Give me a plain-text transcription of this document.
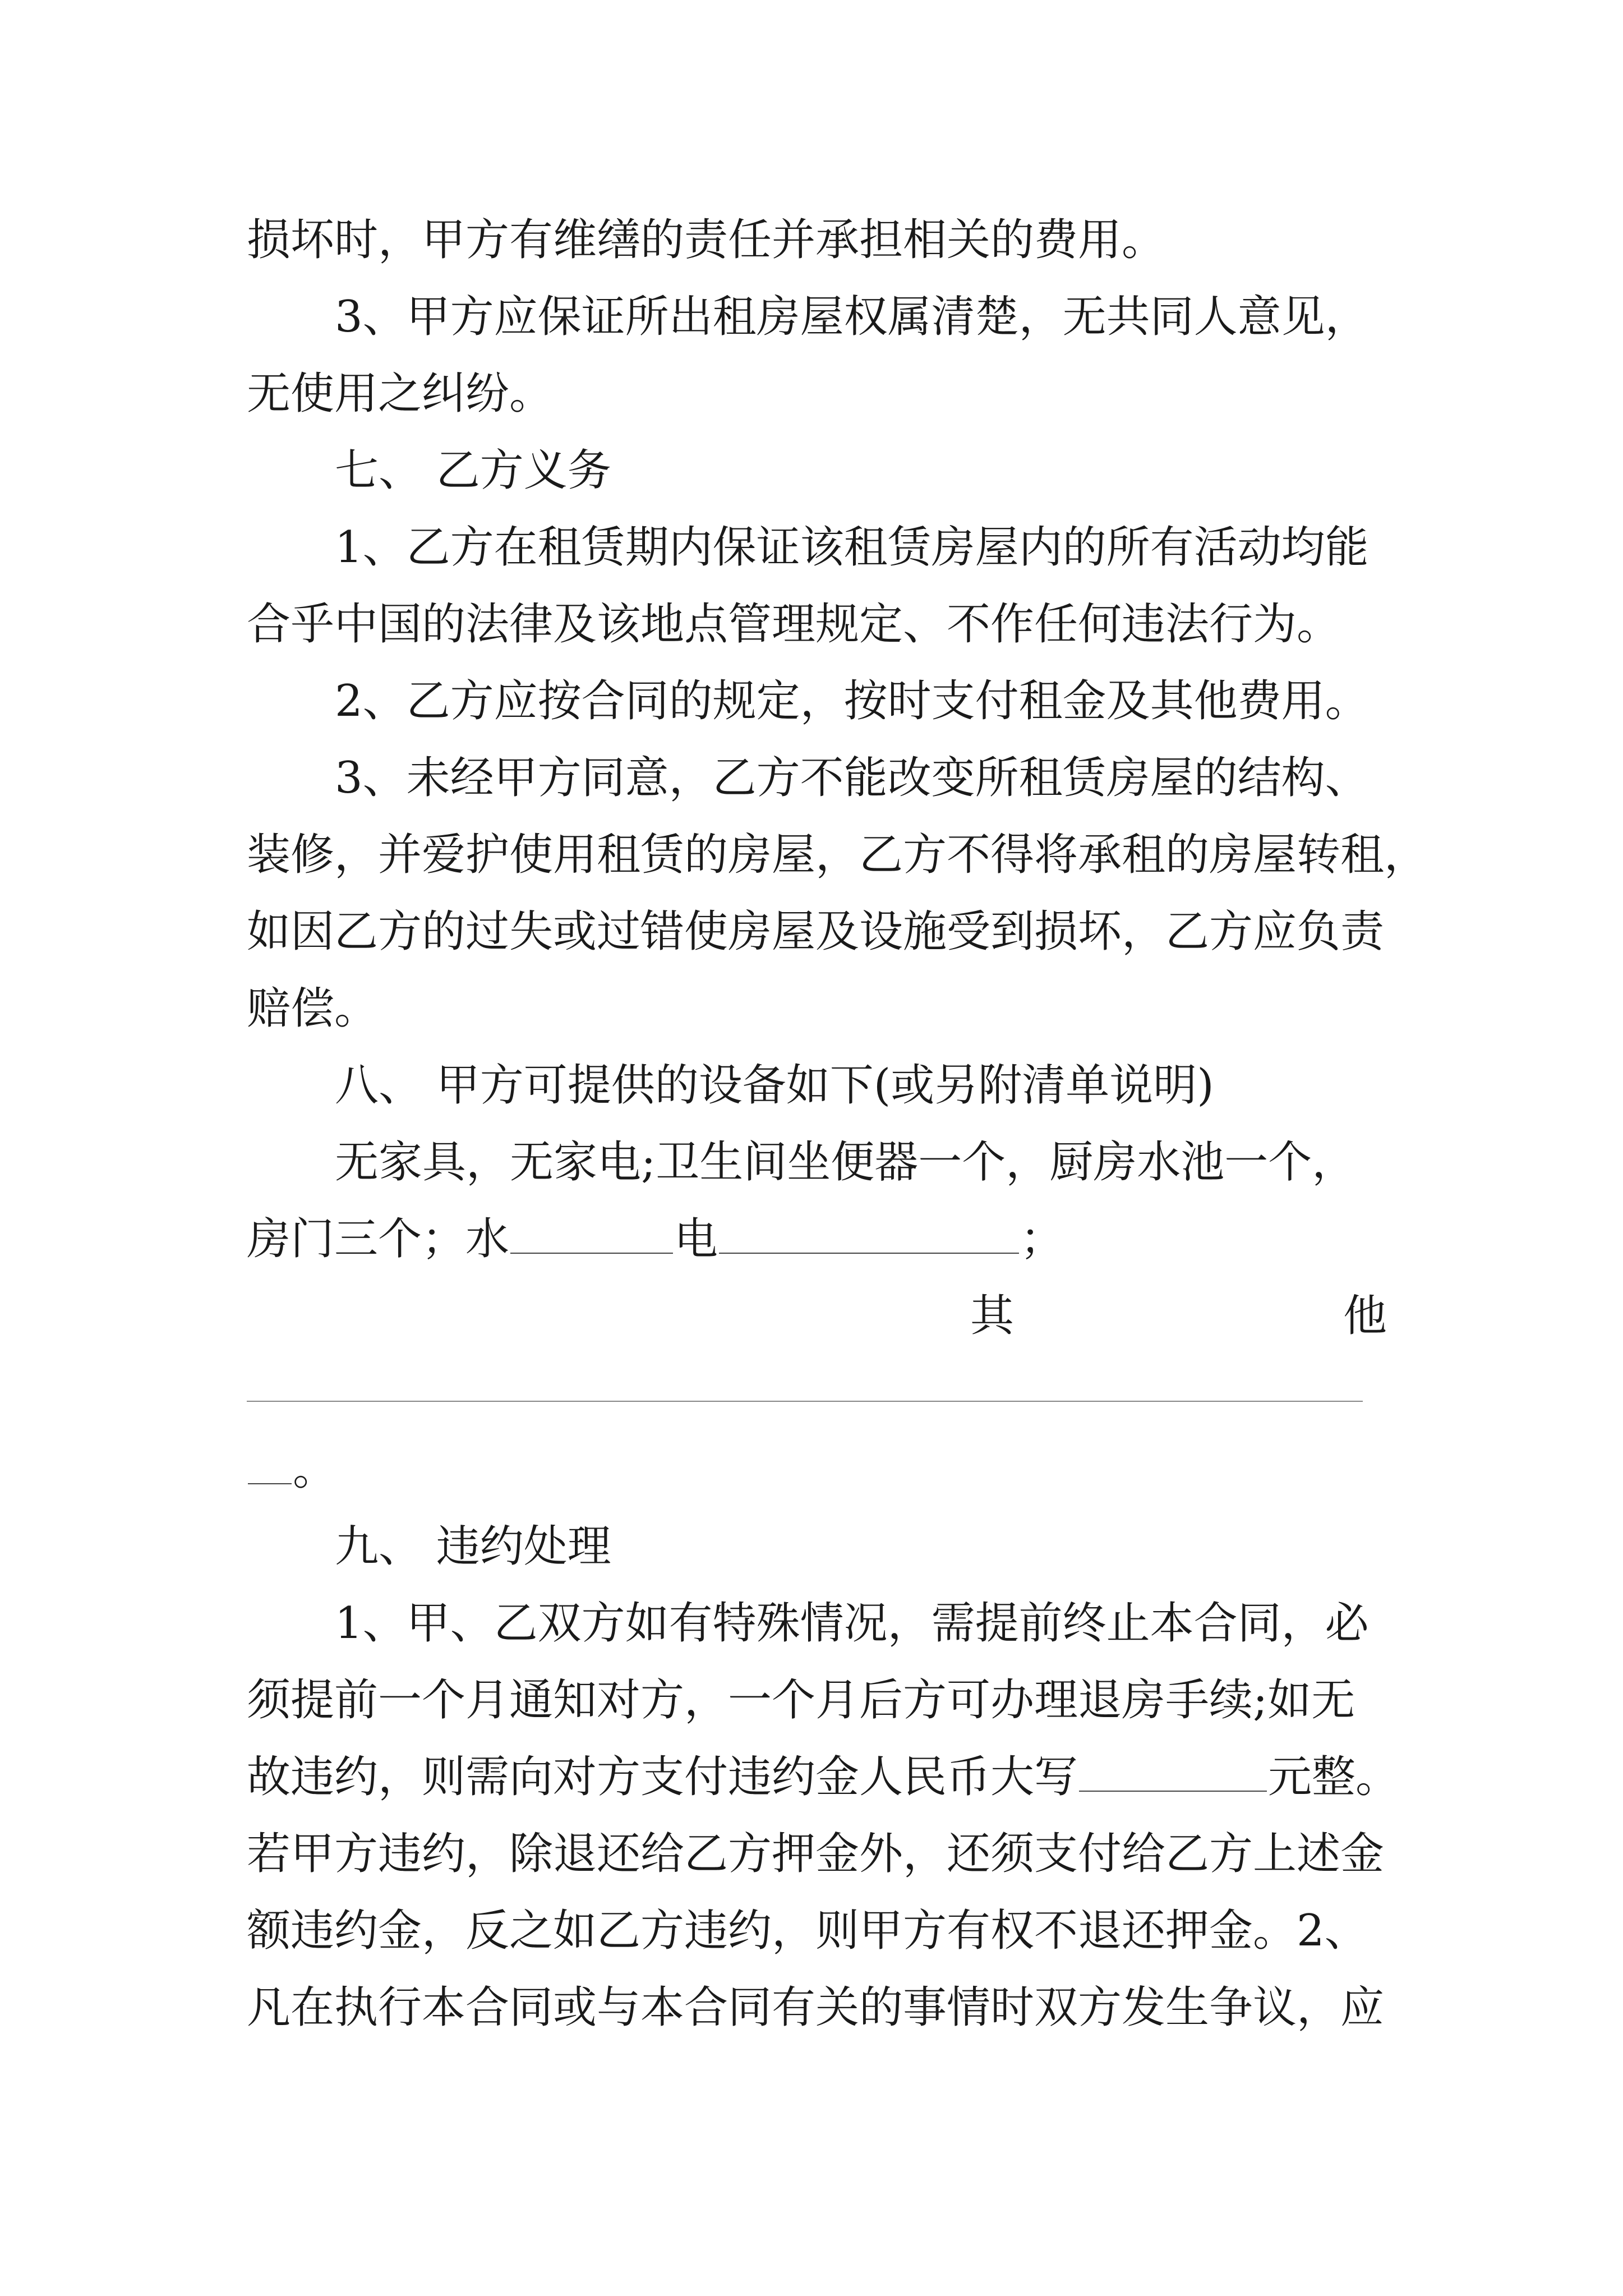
损坏时，甲方有维缮的责任并承担相关的费用。
3、甲方应保证所出租房屋权属清楚，无共同人意见，
无使用之纠纷。
七、 乙方义务
1、乙方在租赁期内保证该租赁房屋内的所有活动均能
合乎中国的法律及该地点管理规定、不作任何违法行为。
2、乙方应按合同的规定，按时支付租金及其他费用。
3、未经甲方同意，乙方不能改变所租赁房屋的结构、
装修，并爱护使用租赁的房屋，乙方不得将承租的房屋转租，
如因乙方的过失或过错使房屋及设施受到损坏，乙方应负责
赔偿。
八、 甲方可提供的设备如下(或另附清单说明)
无家具，无家电;卫生间坐便器一个，厨房水池一个，
房门三个；水	电	；
其	他
。
九、 违约处理
1、甲、乙双方如有特殊情况，需提前终止本合同，必
须提前一个月通知对方，一个月后方可办理退房手续;如无
故违约，则需向对方支付违约金人民币大写	元整。
若甲方违约，除退还给乙方押金外，还须支付给乙方上述金
额违约金，反之如乙方违约，则甲方有权不退还押金。2、
凡在执行本合同或与本合同有关的事情时双方发生争议，应
